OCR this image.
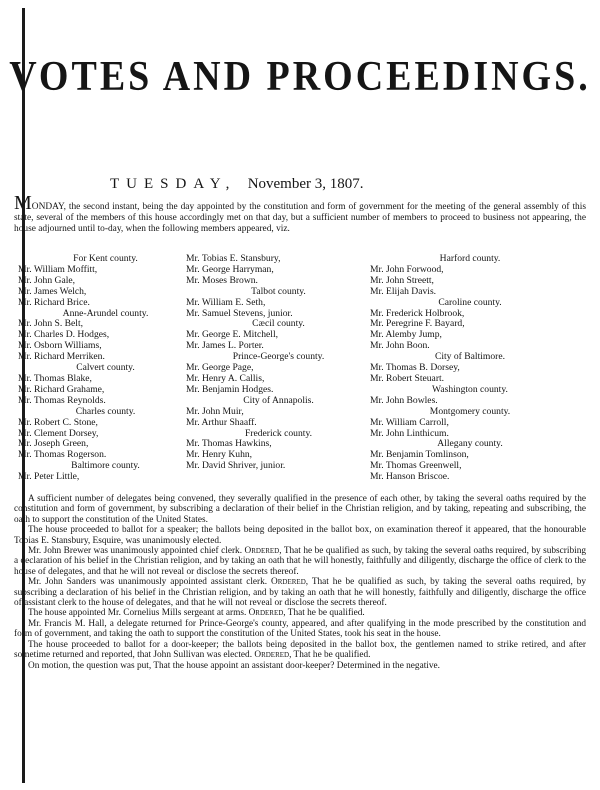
VOTES AND PROCEEDINGS.
TUESDAY, November 3, 1807.
MONDAY, the second instant, being the day appointed by the constitution and form of government for the meeting of the general assembly of this state, several of the members of this house accordingly met on that day, but a sufficient number of members to proceed to business not appearing, the house adjourned until to-day, when the following members appeared, viz.
For Kent county.
Mr. William Moffitt,
Mr. John Gale,
Mr. James Welch,
Mr. Richard Brice.
Anne-Arundel county.
Mr. John S. Belt,
Mr. Charles D. Hodges,
Mr. Osborn Williams,
Mr. Richard Merriken.
Calvert county.
Mr. Thomas Blake,
Mr. Richard Grahame,
Mr. Thomas Reynolds.
Charles county.
Mr. Robert C. Stone,
Mr. Clement Dorsey,
Mr. Joseph Green,
Mr. Thomas Rogerson.
Baltimore county.
Mr. Peter Little,
Mr. Tobias E. Stansbury,
Mr. George Harryman,
Mr. Moses Brown.
Talbot county.
Mr. William E. Seth,
Mr. Samuel Stevens, junior.
Cæcil county.
Mr. George E. Mitchell,
Mr. James L. Porter.
Prince-George's county.
Mr. George Page,
Mr. Henry A. Callis,
Mr. Benjamin Hodges.
City of Annapolis.
Mr. John Muir,
Mr. Arthur Shaaff.
Frederick county.
Mr. Thomas Hawkins,
Mr. Henry Kuhn,
Mr. David Shriver, junior.
Harford county.
Mr. John Forwood,
Mr. John Streett,
Mr. Elijah Davis.
Caroline county.
Mr. Frederick Holbrook,
Mr. Peregrine F. Bayard,
Mr. Alemby Jump,
Mr. John Boon.
City of Baltimore.
Mr. Thomas B. Dorsey,
Mr. Robert Steuart.
Washington county.
Mr. John Bowles.
Montgomery county.
Mr. William Carroll,
Mr. John Linthicum.
Allegany county.
Mr. Benjamin Tomlinson,
Mr. Thomas Greenwell,
Mr. Hanson Briscoe.

A sufficient number of delegates being convened, they severally qualified in the presence of each other, by taking the several oaths required by the constitution and form of government, by subscribing a declaration of their belief in the Christian religion, and by taking, repeating and subscribing, the oath to support the constitution of the United States.

The house proceeded to ballot for a speaker; the ballots being deposited in the ballot box, on examination thereof it appeared, that the honourable Tobias E. Stansbury, Esquire, was unanimously elected.

Mr. John Brewer was unanimously appointed chief clerk. Ordered, That he be qualified as such, by taking the several oaths required, by subscribing a declaration of his belief in the Christian religion, and by taking an oath that he will honestly, faithfully and diligently, discharge the office of clerk to the house of delegates, and that he will not reveal or disclose the secrets thereof.

Mr. John Sanders was unanimously appointed assistant clerk. Ordered, That he be qualified as such, by taking the several oaths required, by subscribing a declaration of his belief in the Christian religion, and by taking an oath that he will honestly, faithfully and diligently, discharge the office of assistant clerk to the house of delegates, and that he will not reveal or disclose the secrets thereof.

The house appointed Mr. Cornelius Mills sergeant at arms. Ordered, That he be qualified.

Mr. Francis M. Hall, a delegate returned for Prince-George's county, appeared, and after qualifying in the mode prescribed by the constitution and form of government, and taking the oath to support the constitution of the United States, took his seat in the house.

The house proceeded to ballot for a door-keeper; the ballots being deposited in the ballot box, the gentlemen named to strike retired, and after sometime returned and reported, that John Sullivan was elected. Ordered, That he be qualified.

On motion, the question was put, That the house appoint an assistant door-keeper? Determined in the negative.
